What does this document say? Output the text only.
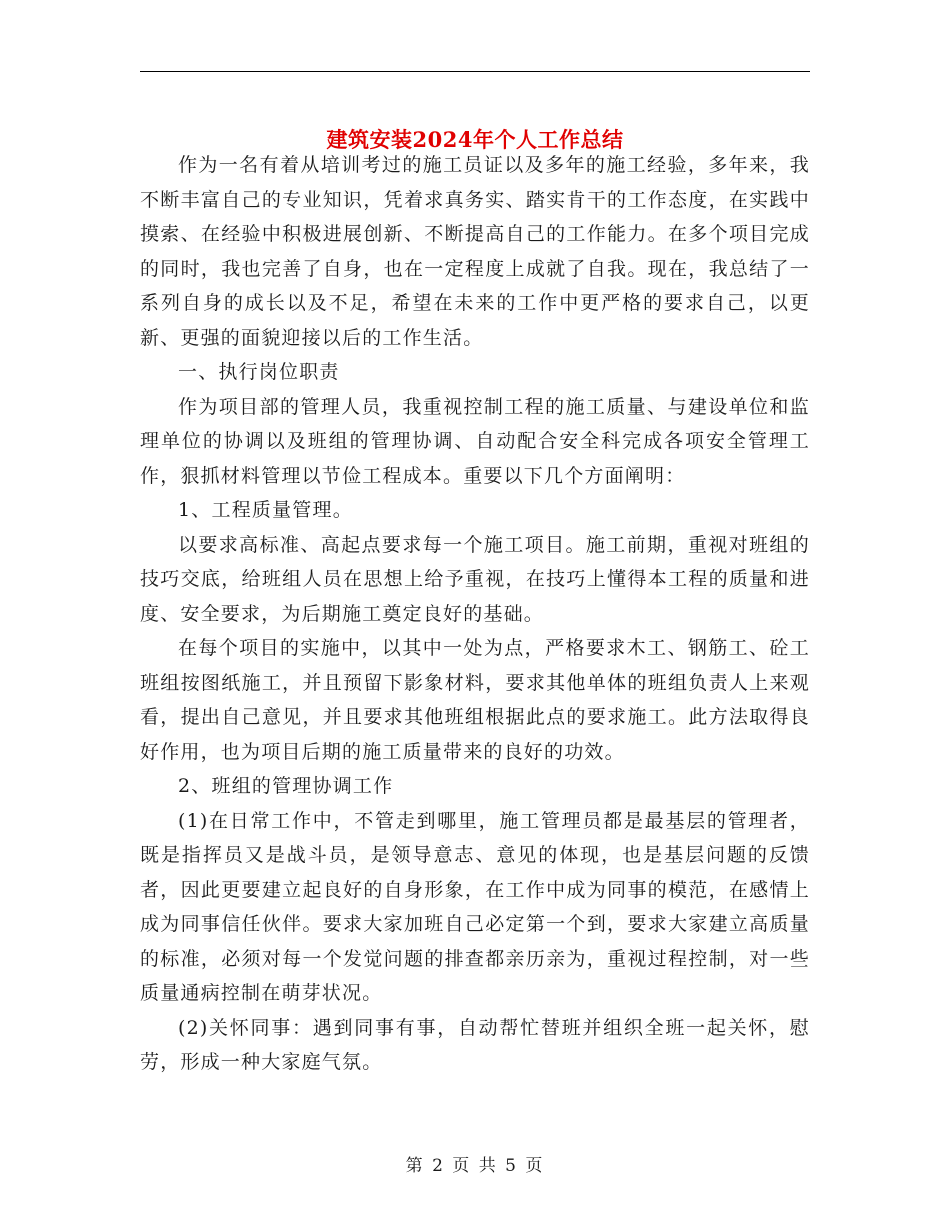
建筑安装2024年个人工作总结

作为一名有着从培训考过的施工员证以及多年的施工经验，多年来，我不断丰富自己的专业知识，凭着求真务实、踏实肯干的工作态度，在实践中摸索、在经验中积极进展创新、不断提高自己的工作能力。在多个项目完成的同时，我也完善了自身，也在一定程度上成就了自我。现在，我总结了一系列自身的成长以及不足，希望在未来的工作中更严格的要求自己，以更新、更强的面貌迎接以后的工作生活。

一、执行岗位职责

作为项目部的管理人员，我重视控制工程的施工质量、与建设单位和监理单位的协调以及班组的管理协调、自动配合安全科完成各项安全管理工作，狠抓材料管理以节俭工程成本。重要以下几个方面阐明：

1、工程质量管理。

以要求高标准、高起点要求每一个施工项目。施工前期，重视对班组的技巧交底，给班组人员在思想上给予重视，在技巧上懂得本工程的质量和进度、安全要求，为后期施工奠定良好的基础。

在每个项目的实施中，以其中一处为点，严格要求木工、钢筋工、砼工班组按图纸施工，并且预留下影象材料，要求其他单体的班组负责人上来观看，提出自己意见，并且要求其他班组根据此点的要求施工。此方法取得良好作用，也为项目后期的施工质量带来的良好的功效。

2、班组的管理协调工作

(1)在日常工作中，不管走到哪里，施工管理员都是最基层的管理者，既是指挥员又是战斗员，是领导意志、意见的体现，也是基层问题的反馈者，因此更要建立起良好的自身形象，在工作中成为同事的模范，在感情上成为同事信任伙伴。要求大家加班自己必定第一个到，要求大家建立高质量的标准，必须对每一个发觉问题的排查都亲历亲为，重视过程控制，对一些质量通病控制在萌芽状况。

(2)关怀同事：遇到同事有事，自动帮忙替班并组织全班一起关怀，慰劳，形成一种大家庭气氛。

第 2 页 共 5 页
